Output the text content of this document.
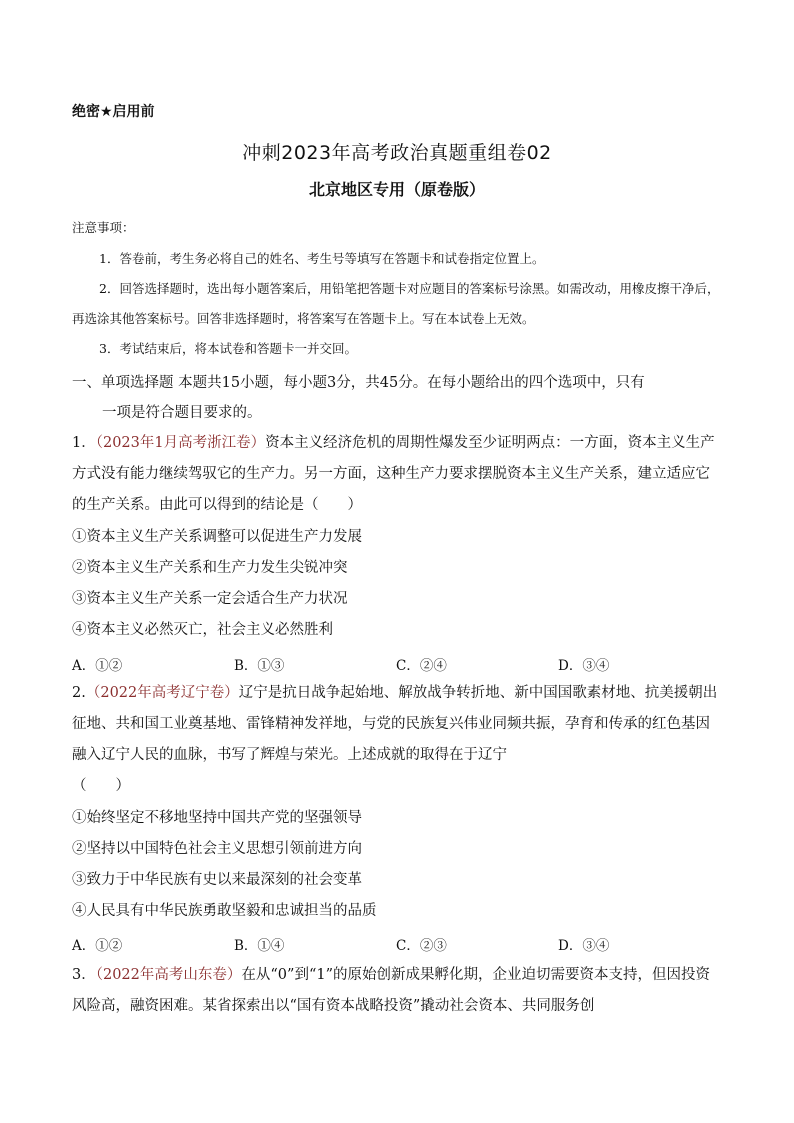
绝密★启用前
冲刺2023年高考政治真题重组卷02
北京地区专用（原卷版）
注意事项：

1．答卷前，考生务必将自己的姓名、考生号等填写在答题卡和试卷指定位置上。

2．回答选择题时，选出每小题答案后，用铅笔把答题卡对应题目的答案标号涂黑。如需改动，用橡皮擦干净后，再选涂其他答案标号。回答非选择题时，将答案写在答题卡上。写在本试卷上无效。

3．考试结束后，将本试卷和答题卡一并交回。

一、单项选择题 本题共15小题，每小题3分，共45分。在每小题给出的四个选项中，只有
一项是符合题目要求的。
1．（2023年1月高考浙江卷）资本主义经济危机的周期性爆发至少证明两点：一方面，资本主义生产方式没有能力继续驾驭它的生产力。另一方面，这种生产力要求摆脱资本主义生产关系，建立适应它的生产关系。由此可以得到的结论是（　　）
①资本主义生产关系调整可以促进生产力发展
②资本主义生产关系和生产力发生尖锐冲突
③资本主义生产关系一定会适合生产力状况
④资本主义必然灭亡，社会主义必然胜利
A．①②	B．①③	C．②④	D．③④
2.（2022年高考辽宁卷）辽宁是抗日战争起始地、解放战争转折地、新中国国歌素材地、抗美援朝出征地、共和国工业奠基地、雷锋精神发祥地，与党的民族复兴伟业同频共振，孕育和传承的红色基因融入辽宁人民的血脉，书写了辉煌与荣光。上述成就的取得在于辽宁
（　　）
①始终坚定不移地坚持中国共产党的坚强领导
②坚持以中国特色社会主义思想引领前进方向
③致力于中华民族有史以来最深刻的社会变革
④人民具有中华民族勇敢坚毅和忠诚担当的品质
A．①②	B．①④	C．②③	D．③④
3．（2022年高考山东卷）在从“0”到“1”的原始创新成果孵化期，企业迫切需要资本支持，但因投资风险高，融资困难。某省探索出以“国有资本战略投资”撬动社会资本、共同服务创
